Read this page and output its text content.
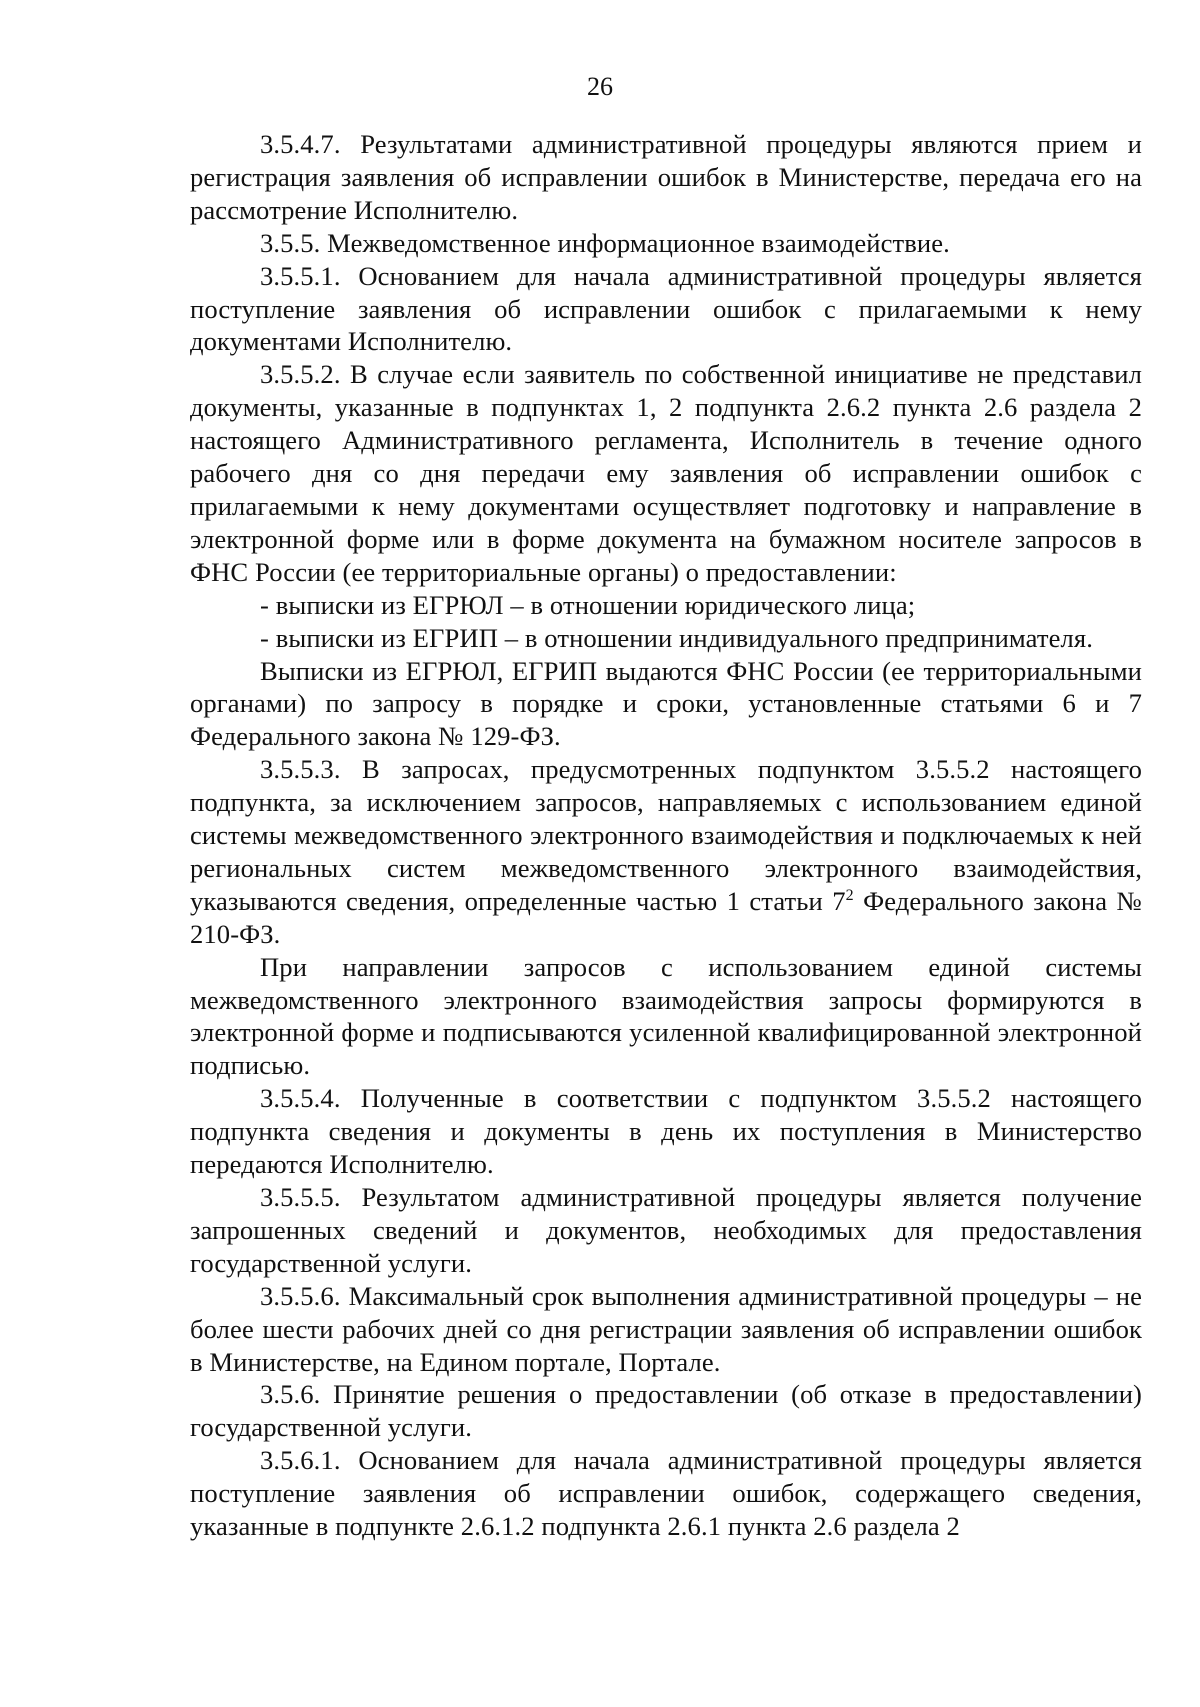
26

3.5.4.7. Результатами административной процедуры являются прием и регистрация заявления об исправлении ошибок в Министерстве, передача его на рассмотрение Исполнителю.

3.5.5. Межведомственное информационное взаимодействие.

3.5.5.1. Основанием для начала административной процедуры является поступление заявления об исправлении ошибок с прилагаемыми к нему документами Исполнителю.

3.5.5.2. В случае если заявитель по собственной инициативе не представил документы, указанные в подпунктах 1, 2 подпункта 2.6.2 пункта 2.6 раздела 2 настоящего Административного регламента, Исполнитель в течение одного рабочего дня со дня передачи ему заявления об исправлении ошибок с прилагаемыми к нему документами осуществляет подготовку и направление в электронной форме или в форме документа на бумажном носителе запросов в ФНС России (ее территориальные органы) о предоставлении:

- выписки из ЕГРЮЛ – в отношении юридического лица;

- выписки из ЕГРИП – в отношении индивидуального предпринимателя.

Выписки из ЕГРЮЛ, ЕГРИП выдаются ФНС России (ее территориальными органами) по запросу в порядке и сроки, установленные статьями 6 и 7 Федерального закона № 129-ФЗ.

3.5.5.3. В запросах, предусмотренных подпунктом 3.5.5.2 настоящего подпункта, за исключением запросов, направляемых с использованием единой системы межведомственного электронного взаимодействия и подключаемых к ней региональных систем межведомственного электронного взаимодействия, указываются сведения, определенные частью 1 статьи $7^2$ Федерального закона № 210-ФЗ.

При направлении запросов с использованием единой системы межведомственного электронного взаимодействия запросы формируются в электронной форме и подписываются усиленной квалифицированной электронной подписью.

3.5.5.4. Полученные в соответствии с подпунктом 3.5.5.2 настоящего подпункта сведения и документы в день их поступления в Министерство передаются Исполнителю.

3.5.5.5. Результатом административной процедуры является получение запрошенных сведений и документов, необходимых для предоставления государственной услуги.

3.5.5.6. Максимальный срок выполнения административной процедуры – не более шести рабочих дней со дня регистрации заявления об исправлении ошибок в Министерстве, на Едином портале, Портале.

3.5.6. Принятие решения о предоставлении (об отказе в предоставлении) государственной услуги.

3.5.6.1. Основанием для начала административной процедуры является поступление заявления об исправлении ошибок, содержащего сведения, указанные в подпункте 2.6.1.2 подпункта 2.6.1 пункта 2.6 раздела 2
